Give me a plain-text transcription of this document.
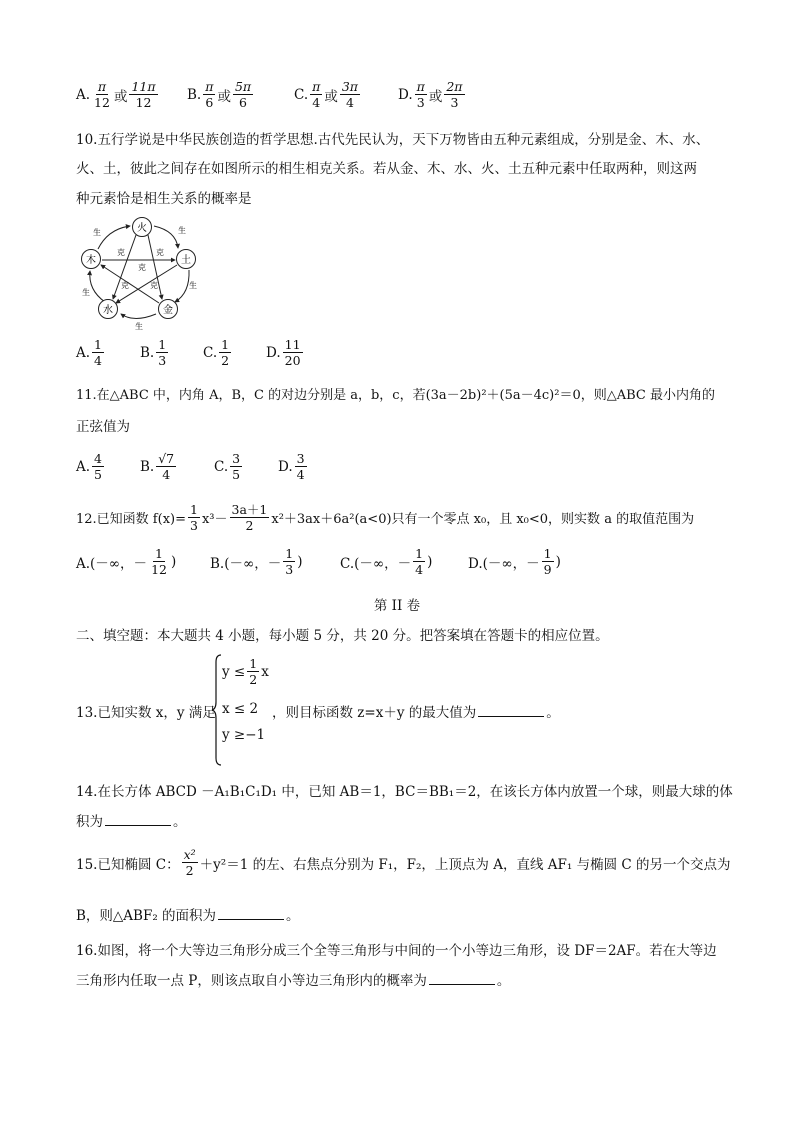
A. $\frac{\pi}{12}$ 或 $\frac{11\pi}{12} B$. $\frac{\pi}{6}$ 或 $\frac{5\pi}{6}$	C. $\frac{\pi}{4}$ 或 $\frac{3\pi}{4}$	D. $\frac{\pi}{3}$ 或 $\frac{2\pi}{3}$
10.五行学说是中华民族创造的哲学思想.古代先民认为，天下万物皆由五种元素组成，分别是金、木、水、
火、土，彼此之间存在如图所示的相生相克关系。若从金、木、水、火、土五种元素中任取两种，则这两
种元素恰是相生关系的概率是
火
土
金
水
木
生	生
生
生
生
克	克
克
克	克
A. $\frac{1}{4}$	B. $\frac{1}{3}$	C. $\frac{1}{2}$	D. $\frac{11}{20}$
11.在△ABC 中，内角 A，B，C 的对边分别是 a，b，c，若(3a－2b)²＋(5a－4c)²＝0，则△ABC 最小内角的
正弦值为
A. $\frac{4}{5}$	B. $\frac{√7}{4}$	C. $\frac{3}{5}$	D. $\frac{3}{4}$
12.已知函数 $f(x)= \frac{1}{3} x^3- \frac{3a+1}{2} x^2+3ax+6a^2(a<0)$只有一个零点 x₀，且 x₀<0，则实数 a 的取值范围为
A.(－∞，－ $\frac{1}{12}$ )	B.(－∞，－ $\frac{1}{3}$ )	C.(－∞，－ $\frac{1}{4}$ )	D.(－∞，－ $\frac{1}{9}$ )
第 II 卷
二、填空题：本大题共 4 小题，每小题 5 分，共 20 分。把答案填在答题卡的相应位置。
13.已知实数 x，y 满足
$y \le \frac{1}{2}$ x
x ≤ 2
y ≥−1
，则目标函数 z=x＋y 的最大值为	。
14.在长方体 ABCD －A₁B₁C₁D₁ 中，已知 AB＝1，BC＝BB₁＝2，在该长方体内放置一个球，则最大球的体
积为	。
15.已知椭圆 C： $\frac{\text{x²}}{2} +y^2=1$ 的左、右焦点分别为 F₁，F₂，上顶点为 A，直线 AF₁ 与椭圆 C 的另一个交点为
B，则△ABF₂ 的面积为	。
16.如图，将一个大等边三角形分成三个全等三角形与中间的一个小等边三角形，设 DF＝2AF。若在大等边
三角形内任取一点 P，则该点取自小等边三角形内的概率为	。
